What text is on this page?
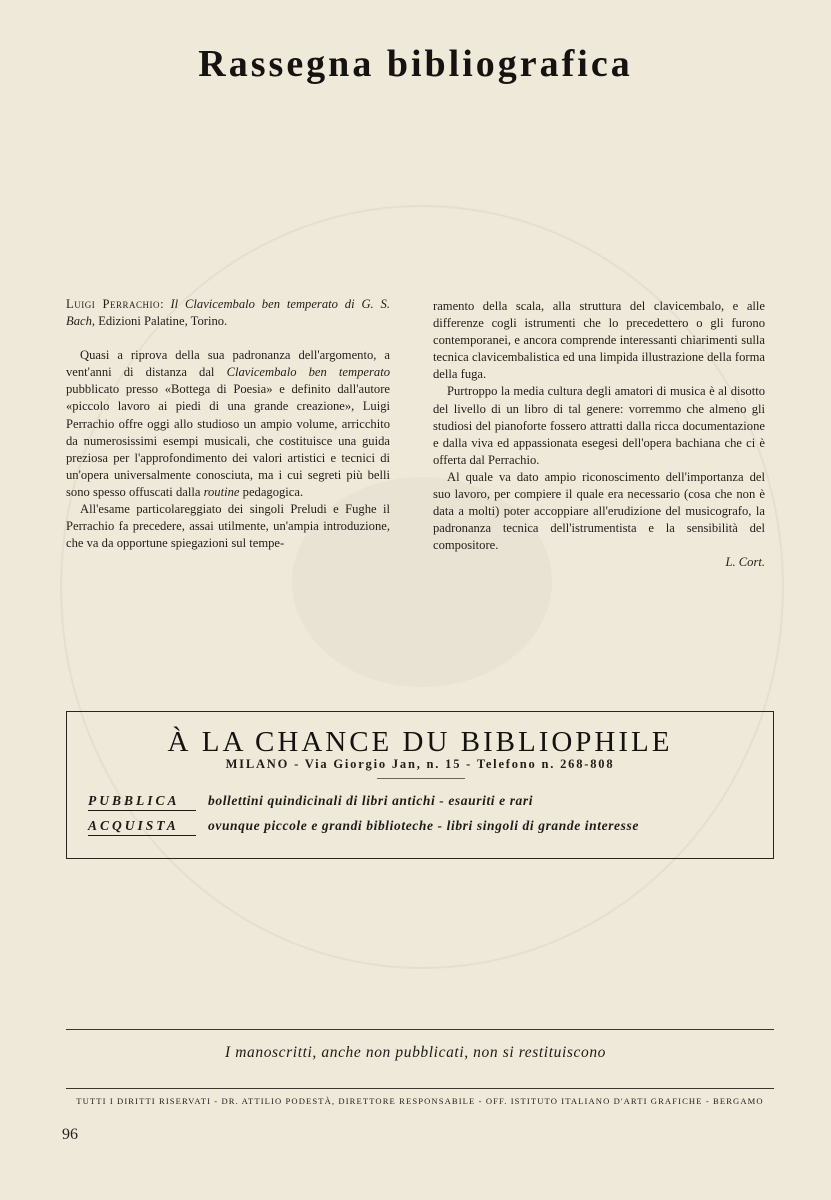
Rassegna bibliografica

Luigi Perrachio: Il Clavicembalo ben temperato di G. S. Bach, Edizioni Palatine, Torino.

Quasi a riprova della sua padronanza dell'argomento, a vent'anni di distanza dal Clavicembalo ben temperato pubblicato presso «Bottega di Poesia» e definito dall'autore «piccolo lavoro ai piedi di una grande creazione», Luigi Perrachio offre oggi allo studioso un ampio volume, arricchito da numerosissimi esempi musicali, che costituisce una guida preziosa per l'approfondimento dei valori artistici e tecnici di un'opera universalmente conosciuta, ma i cui segreti più belli sono spesso offuscati dalla routine pedagogica.

All'esame particolareggiato dei singoli Preludi e Fughe il Perrachio fa precedere, assai utilmente, un'ampia introduzione, che va da opportune spiegazioni sul tempe-

ramento della scala, alla struttura del clavicembalo, e alle differenze cogli istrumenti che lo precedettero o gli furono contemporanei, e ancora comprende interessanti chiarimenti sulla tecnica clavicembalistica ed una limpida illustrazione della forma della fuga.

Purtroppo la media cultura degli amatori di musica è al disotto del livello di un libro di tal genere: vorremmo che almeno gli studiosi del pianoforte fossero attratti dalla ricca documentazione e dalla viva ed appassionata esegesi dell'opera bachiana che ci è offerta dal Perrachio.

Al quale va dato ampio riconoscimento dell'importanza del suo lavoro, per compiere il quale era necessario (cosa che non è data a molti) poter accoppiare all'erudizione del musicografo, la padronanza tecnica dell'istrumentista e la sensibilità del compositore.

L. Cort.

À LA CHANCE DU BIBLIOPHILE
MILANO - Via Giorgio Jan, n. 15 - Telefono n. 268-808
PUBBLICA bollettini quindicinali di libri antichi - esauriti e rari
ACQUISTA ovunque piccole e grandi biblioteche - libri singoli di grande interesse
I manoscritti, anche non pubblicati, non si restituiscono
TUTTI I DIRITTI RISERVATI - DR. ATTILIO PODESTÀ, DIRETTORE RESPONSABILE - OFF. ISTITUTO ITALIANO D'ARTI GRAFICHE - BERGAMO
96
